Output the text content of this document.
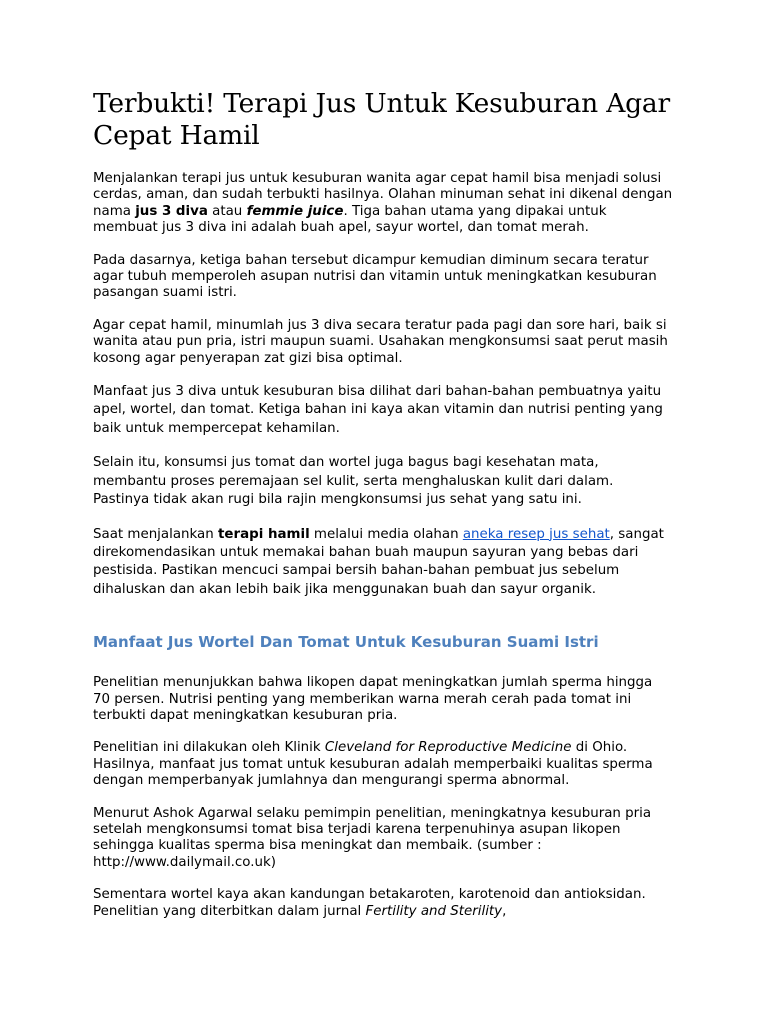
Terbukti! Terapi Jus Untuk Kesuburan Agar Cepat Hamil

Menjalankan terapi jus untuk kesuburan wanita agar cepat hamil bisa menjadi solusi cerdas, aman, dan sudah terbukti hasilnya. Olahan minuman sehat ini dikenal dengan nama jus 3 diva atau femmie juice. Tiga bahan utama yang dipakai untuk membuat jus 3 diva ini adalah buah apel, sayur wortel, dan tomat merah.

Pada dasarnya, ketiga bahan tersebut dicampur kemudian diminum secara teratur agar tubuh memperoleh asupan nutrisi dan vitamin untuk meningkatkan kesuburan pasangan suami istri.

Agar cepat hamil, minumlah jus 3 diva secara teratur pada pagi dan sore hari, baik si wanita atau pun pria, istri maupun suami. Usahakan mengkonsumsi saat perut masih kosong agar penyerapan zat gizi bisa optimal.

Manfaat jus 3 diva untuk kesuburan bisa dilihat dari bahan-bahan pembuatnya yaitu apel, wortel, dan tomat. Ketiga bahan ini kaya akan vitamin dan nutrisi penting yang baik untuk mempercepat kehamilan.

Selain itu, konsumsi jus tomat dan wortel juga bagus bagi kesehatan mata, membantu proses peremajaan sel kulit, serta menghaluskan kulit dari dalam. Pastinya tidak akan rugi bila rajin mengkonsumsi jus sehat yang satu ini.

Saat menjalankan terapi hamil melalui media olahan aneka resep jus sehat, sangat direkomendasikan untuk memakai bahan buah maupun sayuran yang bebas dari pestisida. Pastikan mencuci sampai bersih bahan-bahan pembuat jus sebelum dihaluskan dan akan lebih baik jika menggunakan buah dan sayur organik.

Manfaat Jus Wortel Dan Tomat Untuk Kesuburan Suami Istri

Penelitian menunjukkan bahwa likopen dapat meningkatkan jumlah sperma hingga 70 persen. Nutrisi penting yang memberikan warna merah cerah pada tomat ini terbukti dapat meningkatkan kesuburan pria.

Penelitian ini dilakukan oleh Klinik Cleveland for Reproductive Medicine di Ohio. Hasilnya, manfaat jus tomat untuk kesuburan adalah memperbaiki kualitas sperma dengan memperbanyak jumlahnya dan mengurangi sperma abnormal.

Menurut Ashok Agarwal selaku pemimpin penelitian, meningkatnya kesuburan pria setelah mengkonsumsi tomat bisa terjadi karena terpenuhinya asupan likopen sehingga kualitas sperma bisa meningkat dan membaik. (sumber : http://www.dailymail.co.uk)

Sementara wortel kaya akan kandungan betakaroten, karotenoid dan antioksidan. Penelitian yang diterbitkan dalam jurnal Fertility and Sterility,
